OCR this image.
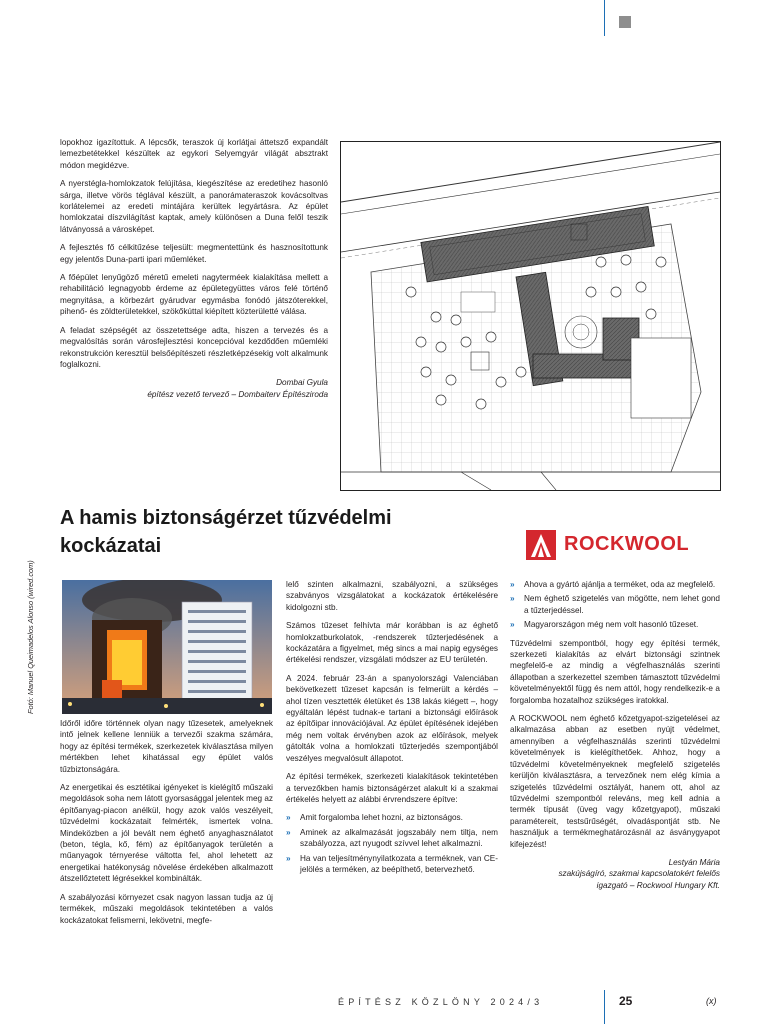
lopokhoz igazítottuk. A lépcsők, teraszok új korlátjai áttetsző expandált lemezbetétekkel készültek az egykori Selyemgyár világát absztrakt módon megidézve.

A nyerstégla-homlokzatok felújítása, kiegészítése az eredetihez hasonló sárga, illetve vörös téglával készült, a panorámateraszok kovácsoltvas korlátelemei az eredeti mintájára kerültek legyártásra. Az épület homlokzatai díszvilágítást kaptak, amely különösen a Duna felől teszik látványossá a városképet.

A fejlesztés fő célkitűzése teljesült: megmentettünk és hasznosítottunk egy jelentős Duna-parti ipari műemléket.

A főépület lenyűgöző méretű emeleti nagyterméek kialakítása mellett a rehabilitáció legnagyobb érdeme az épületegyüttes város felé történő megnyitása, a körbezárt gyárudvar egymásba fonódó játszóterekkel, pihenő- és zöldterületekkel, szökőkúttal kiépített közterületté válása.

A feladat szépségét az összetettsége adta, hiszen a tervezés és a megvalósítás során városfejlesztési koncepcióval kezdődően műemléki rekonstrukción keresztül belsőépítészeti részletképzésekig volt alkalmunk foglalkozni.

Dombai Gyula
építész vezető tervező – Dombaiterv Építésziroda
A hamis biztonságérzet tűzvédelmi kockázatai	ROCKWOOL
Fotó: Manuel Queimadelos Alonso (wired.com)

Időről időre történnek olyan nagy tűzesetek, amelyeknek intő jelnek kellene lenniük a tervezői szakma számára, hogy az építési termékek, szerkezetek kiválasztása milyen mértékben lehet kihatással egy épület valós tűzbiztonságára.

Az energetikai és esztétikai igényeket is kielégítő műszaki megoldások soha nem látott gyorsasággal jelentek meg az építőanyag-piacon anélkül, hogy azok valós veszélyeit, tűzvédelmi kockázatait felmérték, ismertek volna. Mindeközben a jól bevált nem éghető anyaghasználatot (beton, tégla, kő, fém) az építőanyagok területén a műanyagok térnyerése váltotta fel, ahol lehetett az energetikai hatékonyság növelése érdekében alkalmazott átszellőztetett légrésekkel kombinálták.

A szabályozási környezet csak nagyon lassan tudja az új termékek, műszaki megoldások tekintetében a valós kockázatokat felismerni, lekövetni, megfe-

lelő szinten alkalmazni, szabályozni, a szükséges szabványos vizsgálatokat a kockázatok értékelésére kidolgozni stb.

Számos tűzeset felhívta már korábban is az éghető homlokzatburkolatok, -rendszerek tűzterjedésének a kockázatára a figyelmet, még sincs a mai napig egységes értékelési rendszer, vizsgálati módszer az EU területén.

A 2024. február 23-án a spanyolországi Valenciában bekövetkezett tűzeset kapcsán is felmerült a kérdés – ahol tízen vesztették életüket és 138 lakás kiégett –, hogy egyáltalán lépést tudnak-e tartani a biztonsági előírások az építőipar innovációjával. Az épület építésének idejében még nem voltak érvényben azok az előírások, melyek gátolták volna a homlokzati tűzterjedés szempontjából veszélyes megvalósult állapotot.

Az építési termékek, szerkezeti kialakítások tekintetében a tervezőkben hamis biztonságérzet alakult ki a szakmai értékelés helyett az alábbi érvrendszere építve:

» Amit forgalomba lehet hozni, az biztonságos.
» Aminek az alkalmazását jogszabály nem tiltja, nem szabályozza, azt nyugodt szívvel lehet alkalmazni.
» Ha van teljesítménynyilatkozata a terméknek, van CE-jelölés a terméken, az beépíthető, betervezhető.
» Ahova a gyártó ajánlja a terméket, oda az megfelelő.
» Nem éghető szigetelés van mögötte, nem lehet gond a tűzterjedéssel.
» Magyarországon még nem volt hasonló tűzeset.

Tűzvédelmi szempontból, hogy egy építési termék, szerkezeti kialakítás az elvárt biztonsági szintnek megfelelő-e az mindig a végfelhasználás szerinti állapotban a szerkezettel szemben támasztott tűzvédelmi követelményektől függ és nem attól, hogy rendelkezik-e a forgalomba hozatalhoz szükséges iratokkal.

A ROCKWOOL nem éghető kőzetgyapot-szigetelései az alkalmazása abban az esetben nyújt védelmet, amennyiben a végfelhasználás szerinti tűzvédelmi követelmények is kielégíthetőek. Ahhoz, hogy a tűzvédelmi követelményeknek megfelelő szigetelés kerüljön kiválasztásra, a tervezőnek nem elég kímia a szigetelés tűzvédelmi osztályát, hanem ott, ahol az tűzvédelmi szempontból releváns, meg kell adnia a termék típusát (üveg vagy kőzetgyapot), műszaki paramétereit, testsűrűségét, olvadáspontját stb. Ne használjuk a termékmeghatározásnál az ásványgyapot kifejezést!

Lestyán Mária
szakújságíró, szakmai kapcsolatokért felelős
igazgató – Rockwool Hungary Kft.
ÉPÍTÉSZ KÖZLÖNY 2024/3	25	(x)
